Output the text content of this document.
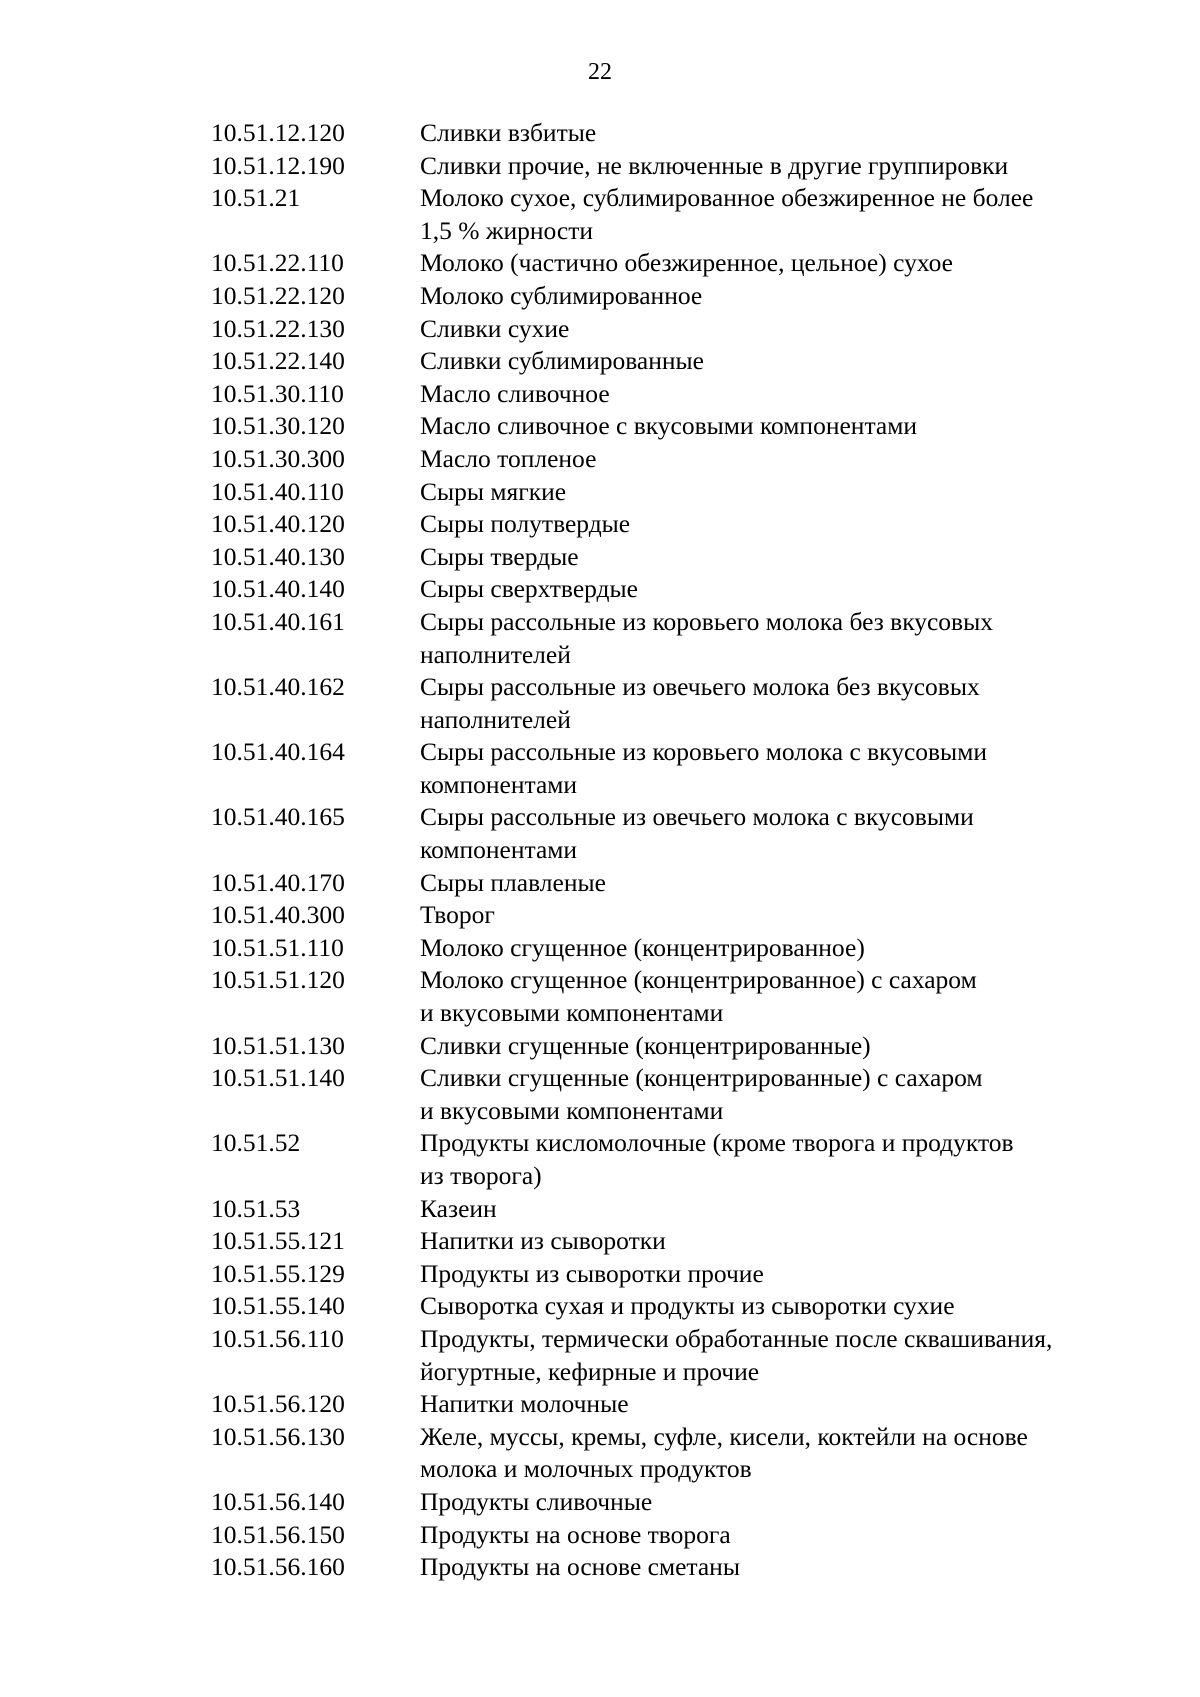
22
10.51.12.120	Сливки взбитые
10.51.12.190	Сливки прочие, не включенные в другие группировки
10.51.21	Молоко сухое, сублимированное обезжиренное не более
1,5 % жирности
10.51.22.110	Молоко (частично обезжиренное, цельное) сухое
10.51.22.120	Молоко сублимированное
10.51.22.130	Сливки сухие
10.51.22.140	Сливки сублимированные
10.51.30.110	Масло сливочное
10.51.30.120	Масло сливочное с вкусовыми компонентами
10.51.30.300	Масло топленое
10.51.40.110	Сыры мягкие
10.51.40.120	Сыры полутвердые
10.51.40.130	Сыры твердые
10.51.40.140	Сыры сверхтвердые
10.51.40.161	Сыры рассольные из коровьего молока без вкусовых
наполнителей
10.51.40.162	Сыры рассольные из овечьего молока без вкусовых
наполнителей
10.51.40.164	Сыры рассольные из коровьего молока с вкусовыми
компонентами
10.51.40.165	Сыры рассольные из овечьего молока с вкусовыми
компонентами
10.51.40.170	Сыры плавленые
10.51.40.300	Творог
10.51.51.110	Молоко сгущенное (концентрированное)
10.51.51.120	Молоко сгущенное (концентрированное) с сахаром
и вкусовыми компонентами
10.51.51.130	Сливки сгущенные (концентрированные)
10.51.51.140	Сливки сгущенные (концентрированные) с сахаром
и вкусовыми компонентами
10.51.52	Продукты кисломолочные (кроме творога и продуктов
из творога)
10.51.53	Казеин
10.51.55.121	Напитки из сыворотки
10.51.55.129	Продукты из сыворотки прочие
10.51.55.140	Сыворотка сухая и продукты из сыворотки сухие
10.51.56.110	Продукты, термически обработанные после сквашивания,
йогуртные, кефирные и прочие
10.51.56.120	Напитки молочные
10.51.56.130	Желе, муссы, кремы, суфле, кисели, коктейли на основе
молока и молочных продуктов
10.51.56.140	Продукты сливочные
10.51.56.150	Продукты на основе творога
10.51.56.160	Продукты на основе сметаны
